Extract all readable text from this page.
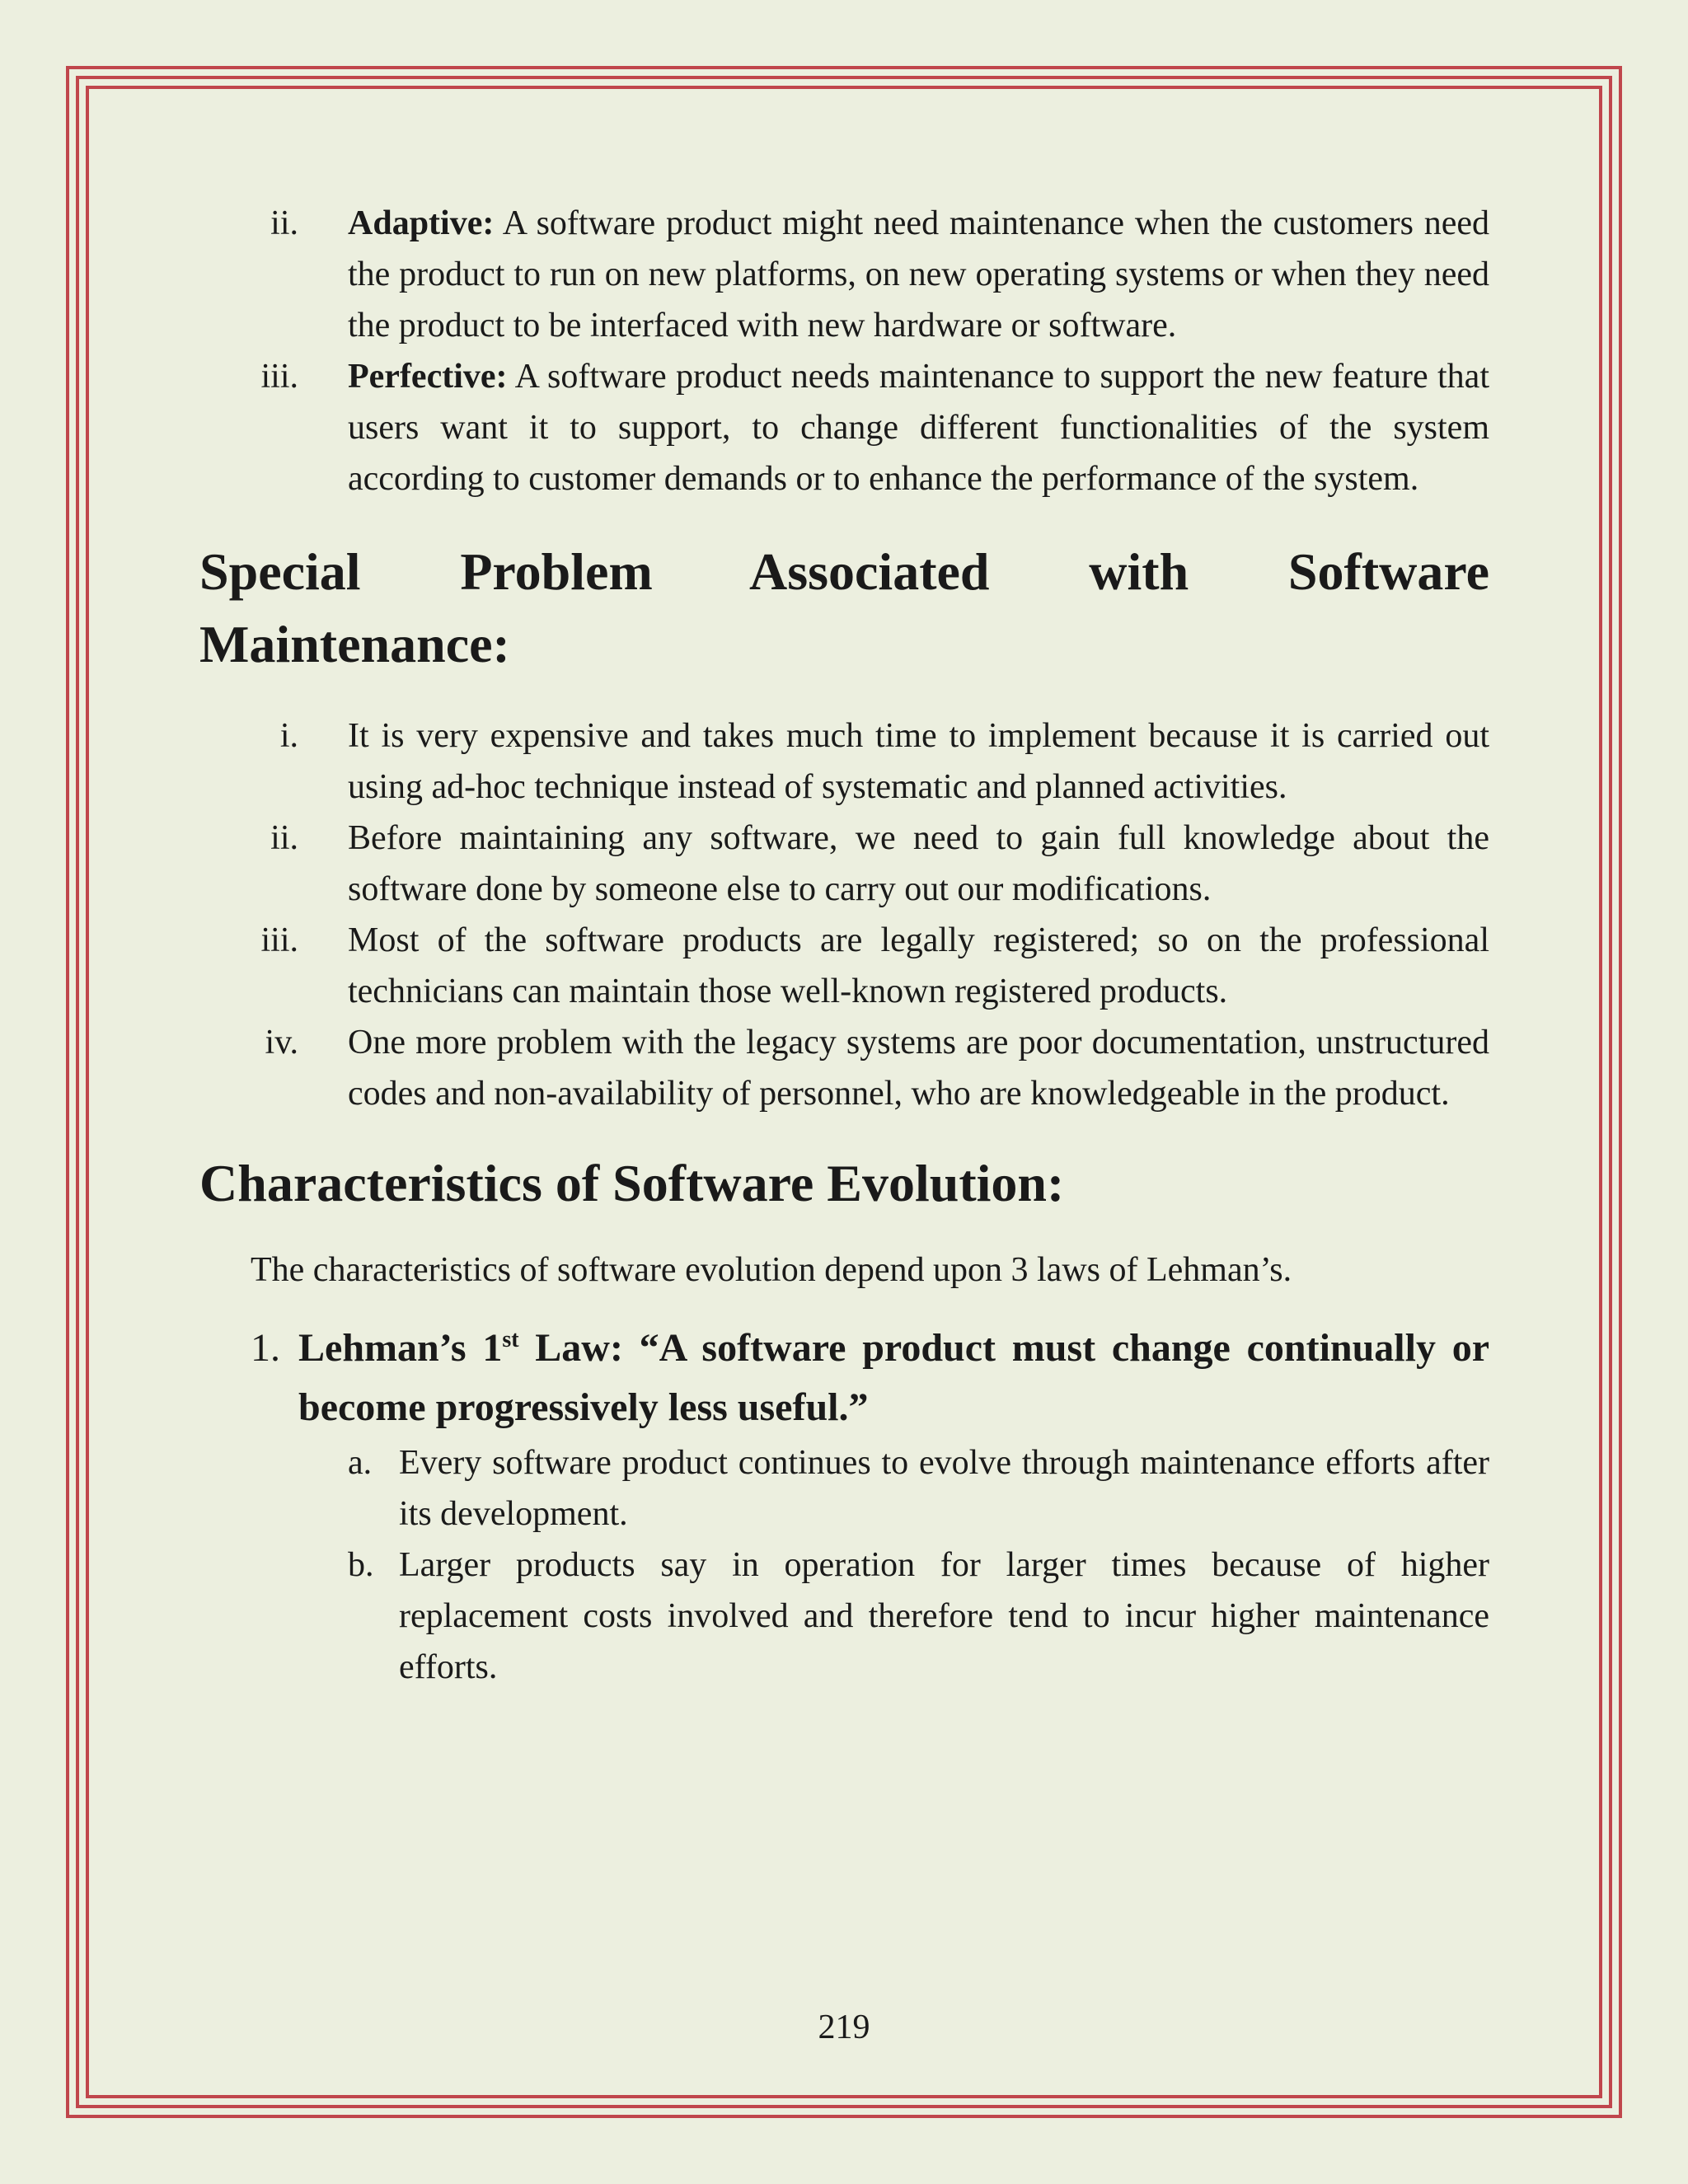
ii.	Adaptive: A software product might need maintenance when the customers need the product to run on new platforms, on new operating systems or when they need the product to be interfaced with new hardware or software.
iii.	Perfective: A software product needs maintenance to support the new feature that users want it to support, to change different functionalities of the system according to customer demands or to enhance the performance of the system.
Special Problem Associated with Software
Maintenance:
i.	It is very expensive and takes much time to implement because it is carried out using ad-hoc technique instead of systematic and planned activities.
ii.	Before maintaining any software, we need to gain full knowledge about the software done by someone else to carry out our modifications.
iii.	Most of the software products are legally registered; so on the professional technicians can maintain those well-known registered products.
iv.	One more problem with the legacy systems are poor documentation, unstructured codes and non-availability of personnel, who are knowledgeable in the product.
Characteristics of Software Evolution:
The characteristics of software evolution depend upon 3 laws of Lehman’s.
1. Lehman’s 1st Law: “A software product must change continually or become progressively less useful.”
a. Every software product continues to evolve through maintenance efforts after its development.
b. Larger products say in operation for larger times because of higher replacement costs involved and therefore tend to incur higher maintenance efforts.
219
